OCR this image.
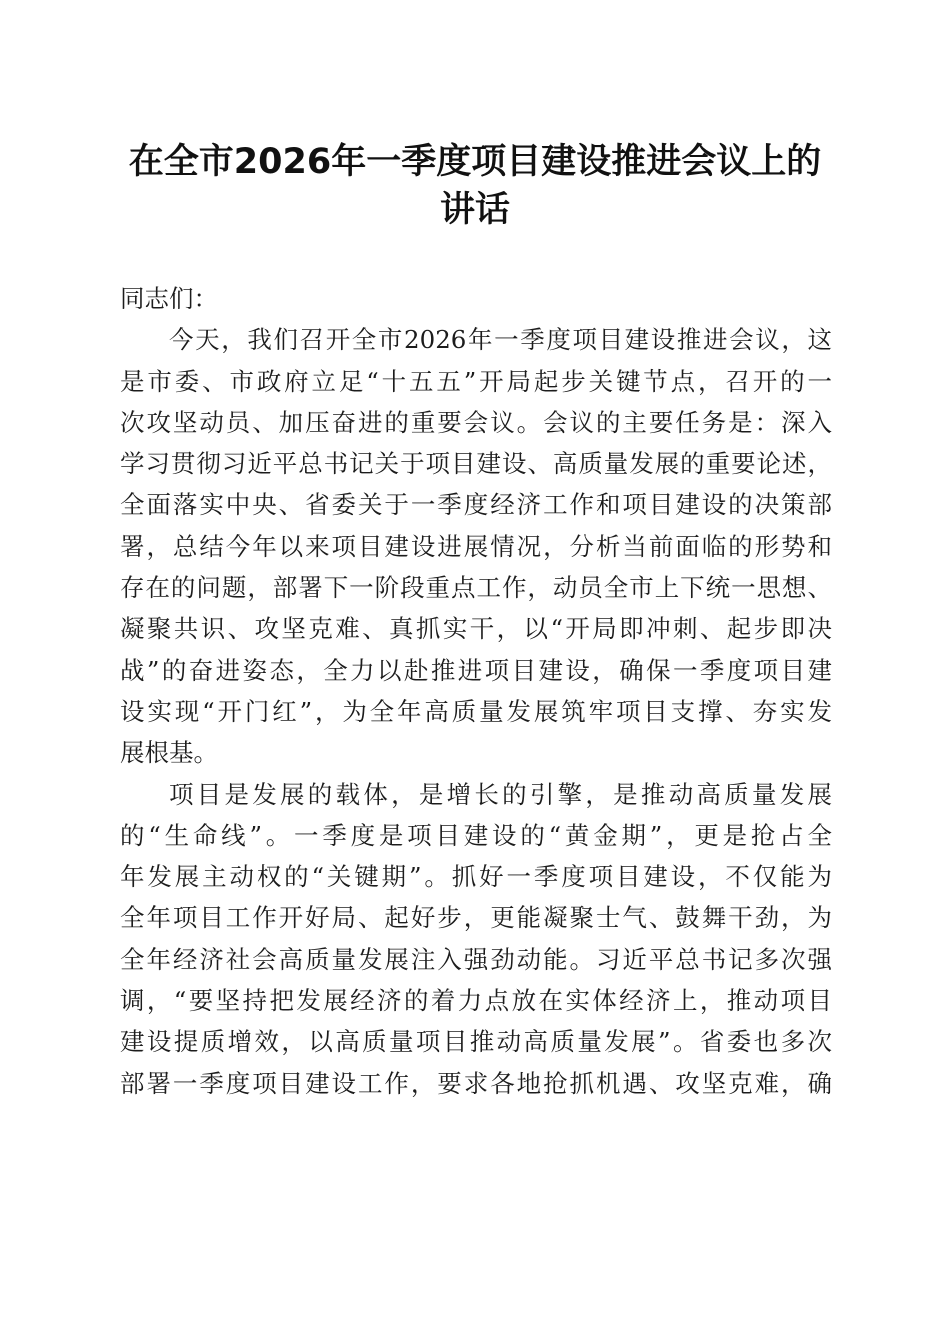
在全市2026年一季度项目建设推进会议上的
讲话
同志们：
今天，我们召开全市2026年一季度项目建设推进会议，这
是市委、市政府立足“十五五”开局起步关键节点，召开的一
次攻坚动员、加压奋进的重要会议。会议的主要任务是：深入
学习贯彻习近平总书记关于项目建设、高质量发展的重要论述，
全面落实中央、省委关于一季度经济工作和项目建设的决策部
署，总结今年以来项目建设进展情况，分析当前面临的形势和
存在的问题，部署下一阶段重点工作，动员全市上下统一思想、
凝聚共识、攻坚克难、真抓实干，以“开局即冲刺、起步即决
战”的奋进姿态，全力以赴推进项目建设，确保一季度项目建
设实现“开门红”，为全年高质量发展筑牢项目支撑、夯实发
展根基。
项目是发展的载体，是增长的引擎，是推动高质量发展
的“生命线”。一季度是项目建设的“黄金期”，更是抢占全
年发展主动权的“关键期”。抓好一季度项目建设，不仅能为
全年项目工作开好局、起好步，更能凝聚士气、鼓舞干劲，为
全年经济社会高质量发展注入强劲动能。习近平总书记多次强
调，“要坚持把发展经济的着力点放在实体经济上，推动项目
建设提质增效，以高质量项目推动高质量发展”。省委也多次
部署一季度项目建设工作，要求各地抢抓机遇、攻坚克难，确
